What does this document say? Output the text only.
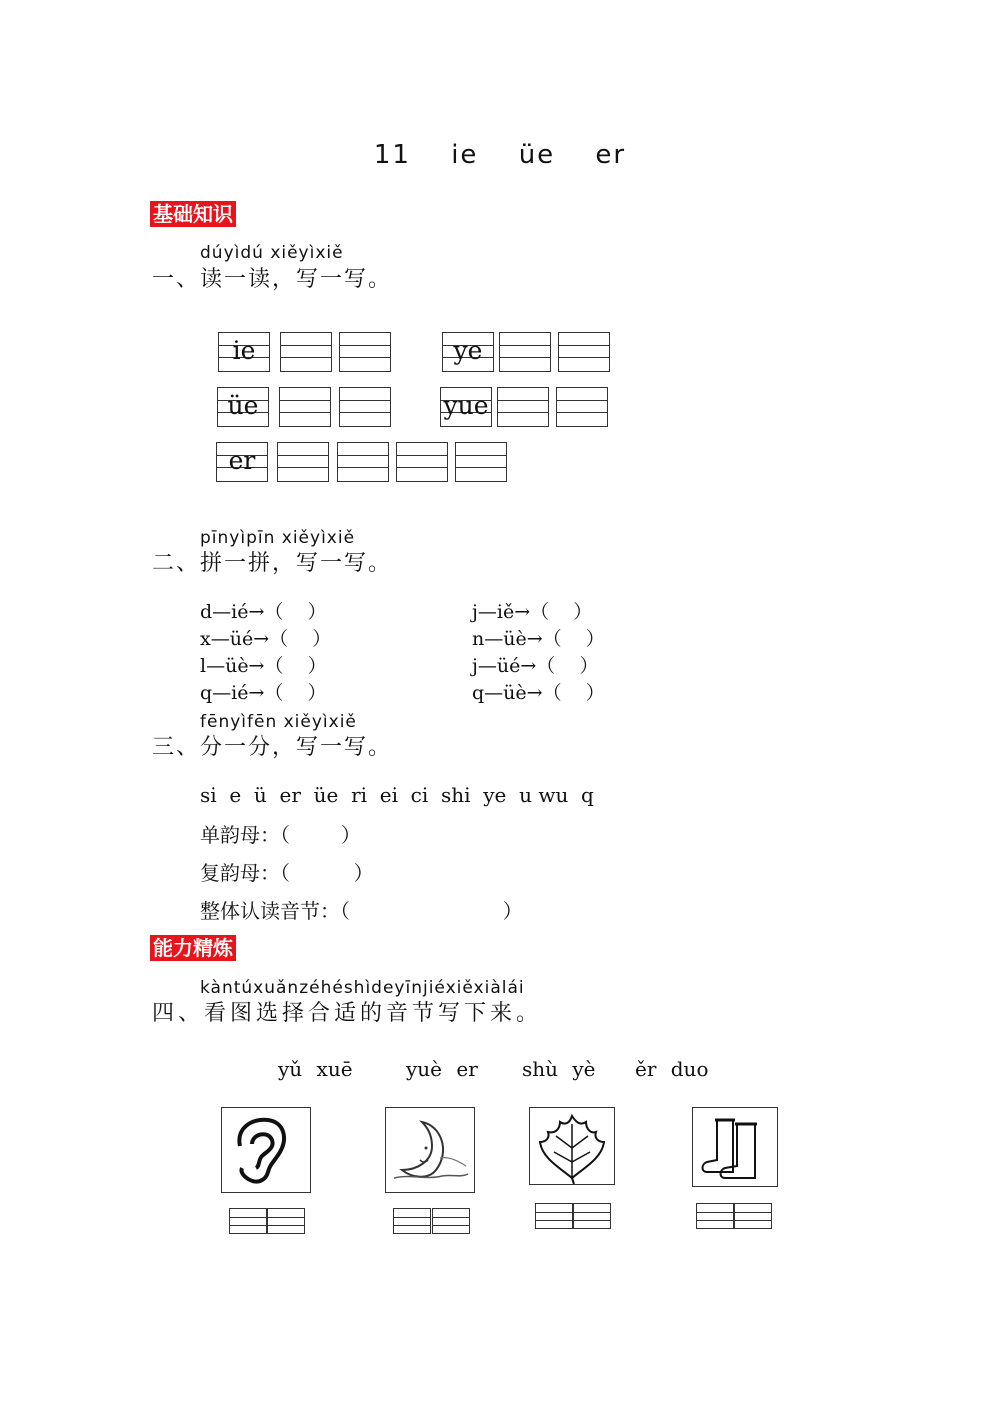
11 ie üe er
基础知识
dúyìdú xiěyìxiě
一、读一读，写一写。
ie	ye
üe	yue
er
pīnyìpīn xiěyìxiě
二、拼一拼，写一写。
d—ié→（    ）	j—iě→（    ）
x—üé→（    ）	n—üè→（    ）
l—üè→（    ）	j—üé→（    ）
q—ié→（    ）	q—üè→（    ）
fēnyìfēn xiěyìxiě
三、分一分，写一写。
si  e  ü  er  üe  ri  ei  ci  shi  ye  u wu  q
单韵母：（        ）
复韵母：（          ）
整体认读音节：（                        ）
能力精炼
kàntúxuǎnzéhéshìdeyīnjiéxiěxiàlái
四、看图选择合适的音节写下来。
yǔ xuē	yuè er shù yè ěr duo
